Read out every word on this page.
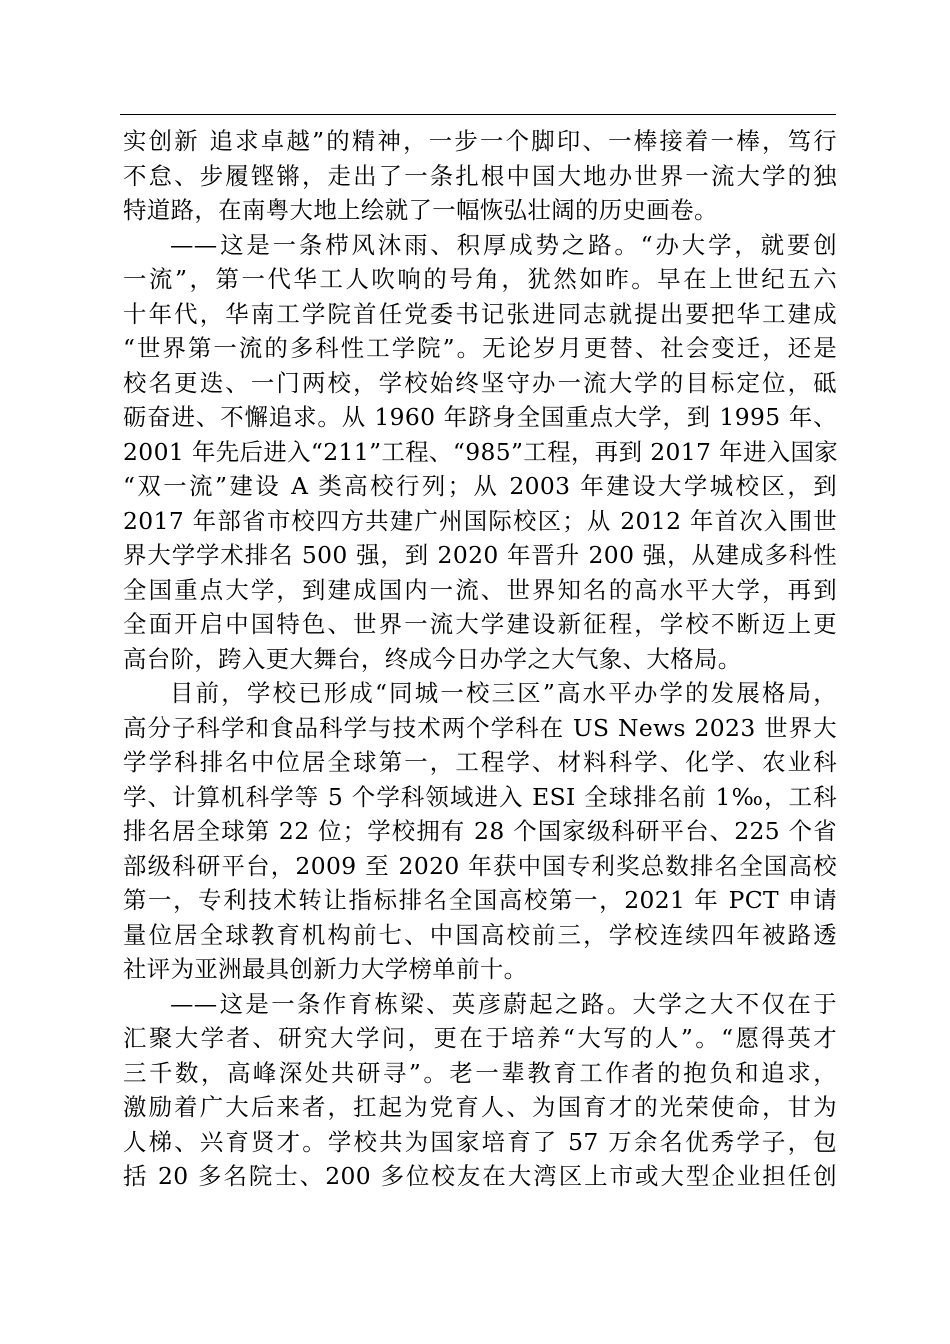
实创新 追求卓越”的精神，一步一个脚印、一棒接着一棒，笃行
不怠、步履铿锵，走出了一条扎根中国大地办世界一流大学的独
特道路，在南粤大地上绘就了一幅恢弘壮阔的历史画卷。
——这是一条栉风沐雨、积厚成势之路。“办大学，就要创
一流”，第一代华工人吹响的号角，犹然如昨。早在上世纪五六
十年代，华南工学院首任党委书记张进同志就提出要把华工建成
“世界第一流的多科性工学院”。无论岁月更替、社会变迁，还是
校名更迭、一门两校，学校始终坚守办一流大学的目标定位，砥
砺奋进、不懈追求。从 1960 年跻身全国重点大学，到 1995 年、
2001 年先后进入“211”工程、“985”工程，再到 2017 年进入国家
“双一流”建设 A 类高校行列；从 2003 年建设大学城校区，到
2017 年部省市校四方共建广州国际校区；从 2012 年首次入围世
界大学学术排名 500 强，到 2020 年晋升 200 强，从建成多科性
全国重点大学，到建成国内一流、世界知名的高水平大学，再到
全面开启中国特色、世界一流大学建设新征程，学校不断迈上更
高台阶，跨入更大舞台，终成今日办学之大气象、大格局。
目前，学校已形成“同城一校三区”高水平办学的发展格局，
高分子科学和食品科学与技术两个学科在 US News 2023 世界大
学学科排名中位居全球第一，工程学、材料科学、化学、农业科
学、计算机科学等 5 个学科领域进入 ESI 全球排名前 1‰，工科
排名居全球第 22 位；学校拥有 28 个国家级科研平台、225 个省
部级科研平台，2009 至 2020 年获中国专利奖总数排名全国高校
第一，专利技术转让指标排名全国高校第一，2021 年 PCT 申请
量位居全球教育机构前七、中国高校前三，学校连续四年被路透
社评为亚洲最具创新力大学榜单前十。
——这是一条作育栋梁、英彦蔚起之路。大学之大不仅在于
汇聚大学者、研究大学问，更在于培养“大写的人”。“愿得英才
三千数，高峰深处共研寻”。老一辈教育工作者的抱负和追求，
激励着广大后来者，扛起为党育人、为国育才的光荣使命，甘为
人梯、兴育贤才。学校共为国家培育了 57 万余名优秀学子，包
括 20 多名院士、200 多位校友在大湾区上市或大型企业担任创
